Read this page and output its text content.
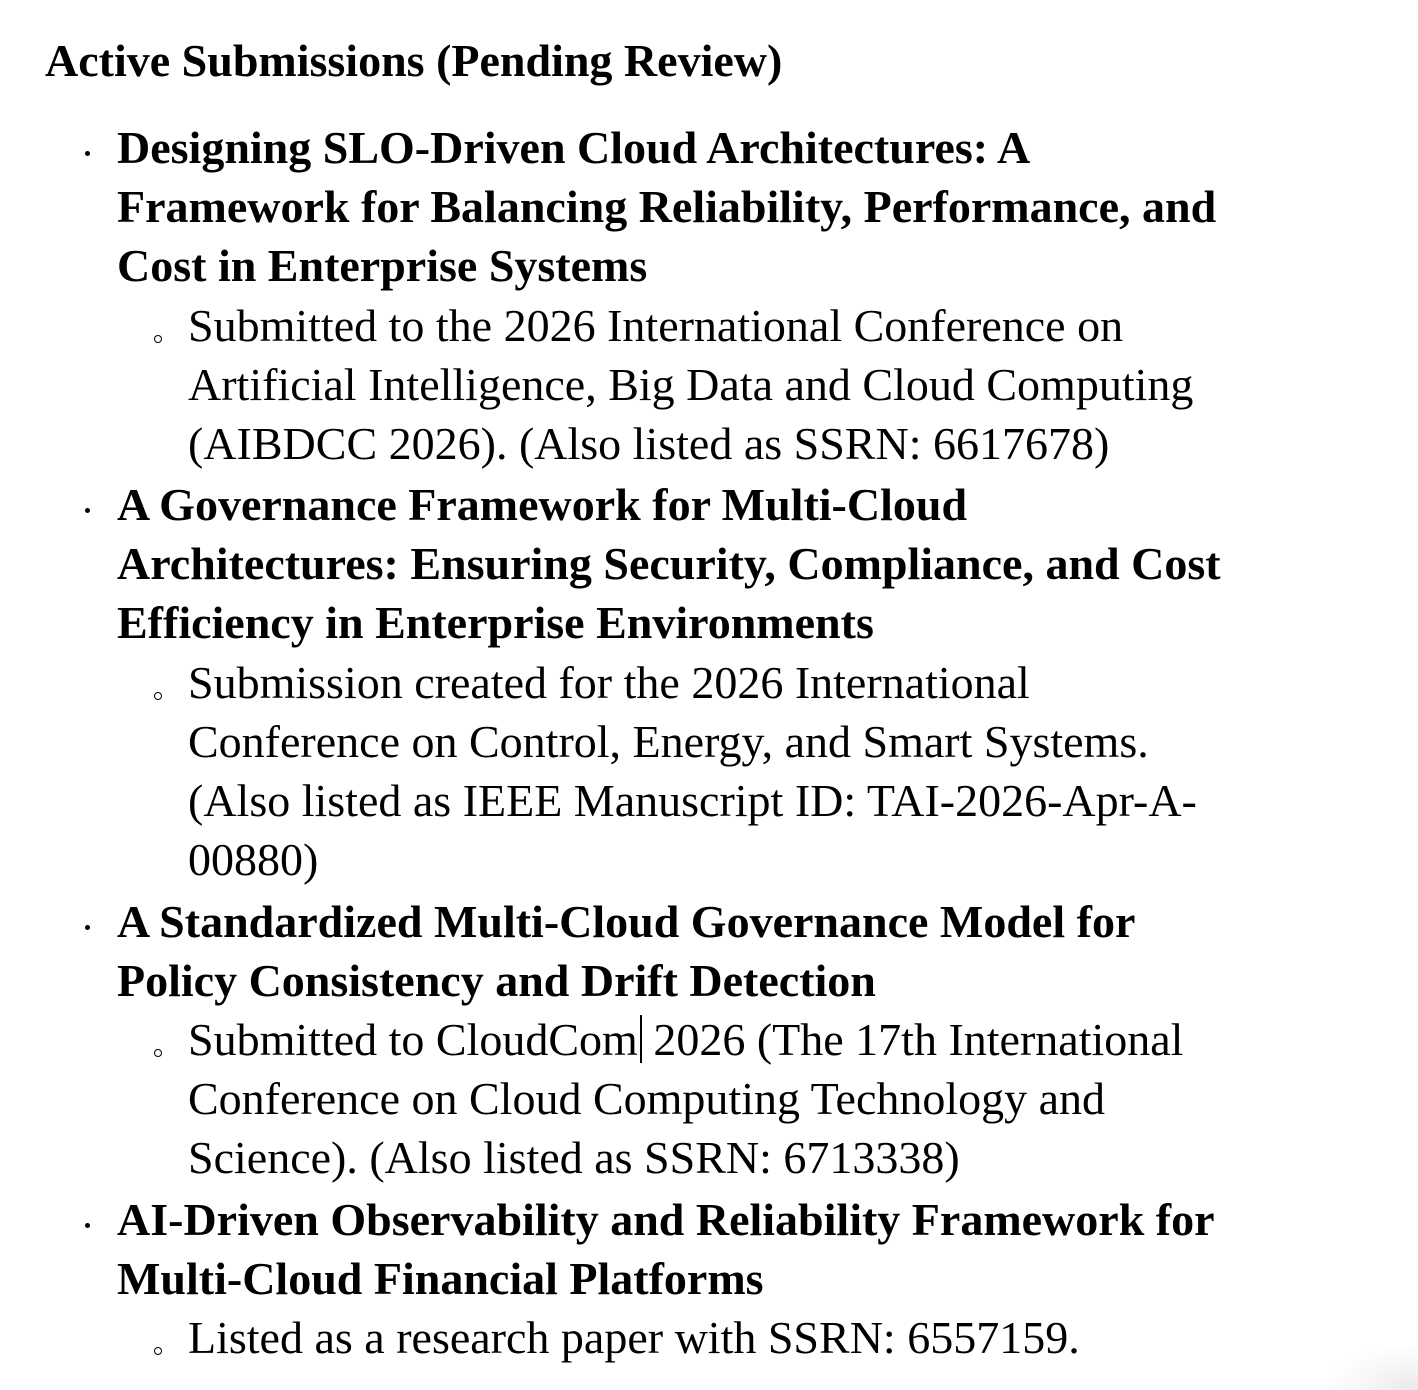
Active Submissions (Pending Review)
Designing SLO-Driven Cloud Architectures: A
Framework for Balancing Reliability, Performance, and
Cost in Enterprise Systems
Submitted to the 2026 International Conference on
Artificial Intelligence, Big Data and Cloud Computing
(AIBDCC 2026). (Also listed as SSRN: 6617678)
A Governance Framework for Multi-Cloud
Architectures: Ensuring Security, Compliance, and Cost
Efficiency in Enterprise Environments
Submission created for the 2026 International
Conference on Control, Energy, and Smart Systems.
(Also listed as IEEE Manuscript ID: TAI-2026-Apr-A-
00880)
A Standardized Multi-Cloud Governance Model for
Policy Consistency and Drift Detection
Submitted to CloudCom 2026 (The 17th International
Conference on Cloud Computing Technology and
Science). (Also listed as SSRN: 6713338)
AI-Driven Observability and Reliability Framework for
Multi-Cloud Financial Platforms
Listed as a research paper with SSRN: 6557159.
